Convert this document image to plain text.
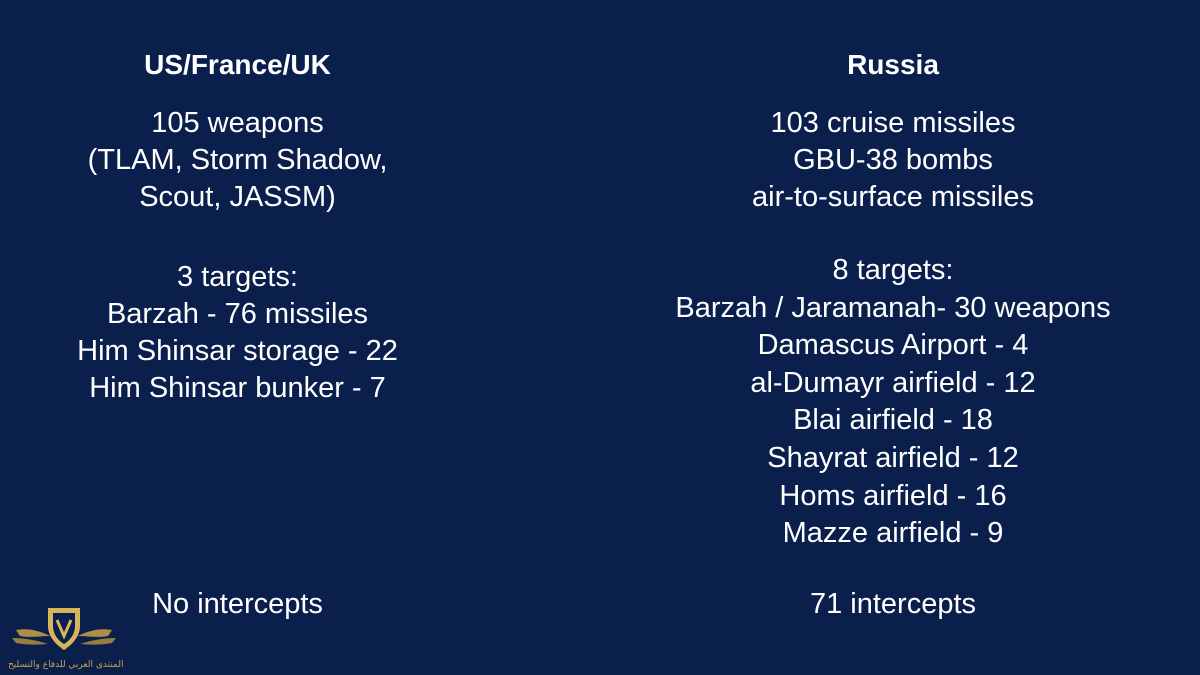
US/France/UK
105 weapons
(TLAM, Storm Shadow,
Scout, JASSM)
3 targets:
Barzah - 76 missiles
Him Shinsar storage - 22
Him Shinsar bunker - 7
No intercepts
Russia
103 cruise missiles
GBU-38 bombs
air-to-surface missiles
8 targets:
Barzah / Jaramanah- 30 weapons
Damascus Airport - 4
al-Dumayr airfield - 12
Blai airfield - 18
Shayrat airfield - 12
Homs airfield - 16
Mazze airfield - 9
71 intercepts
المنتدى العربي للدفاع والتسليح
